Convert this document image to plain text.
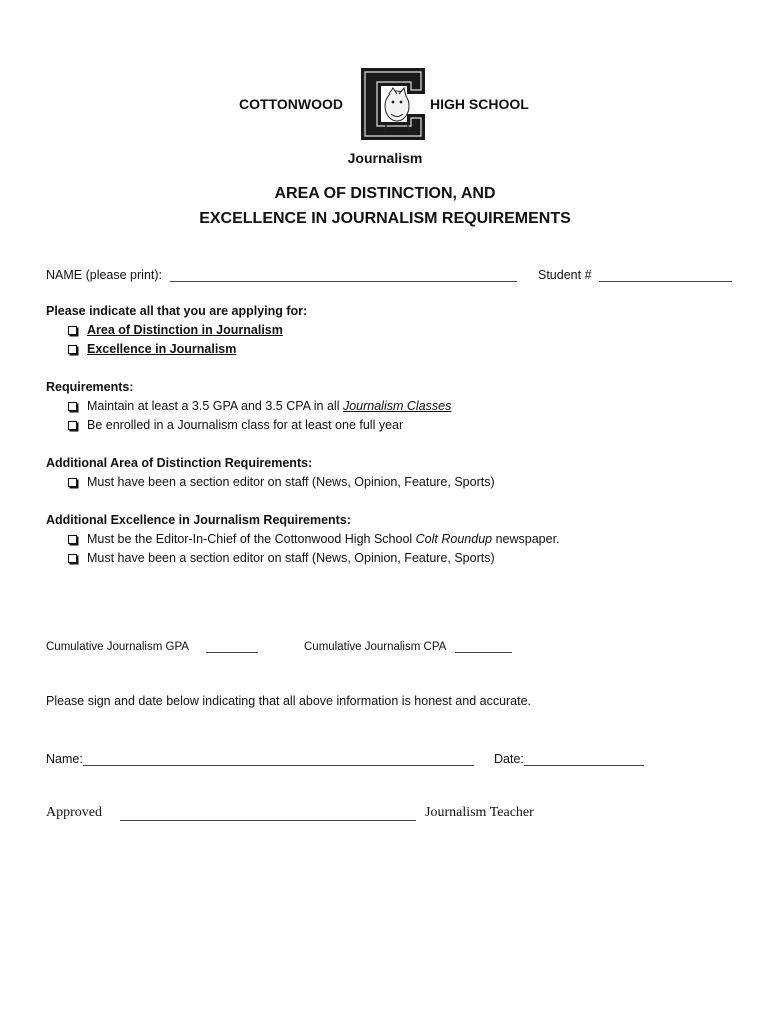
COTTONWOOD	HIGH SCHOOL
Journalism
AREA OF DISTINCTION, AND
EXCELLENCE IN JOURNALISM REQUIREMENTS
NAME (please print):	Student #
Please indicate all that you are applying for:
Area of Distinction in Journalism
Excellence in Journalism
Requirements:
Maintain at least a 3.5 GPA and 3.5 CPA in all Journalism Classes
Be enrolled in a Journalism class for at least one full year
Additional Area of Distinction Requirements:
Must have been a section editor on staff (News, Opinion, Feature, Sports)
Additional Excellence in Journalism Requirements:
Must be the Editor-In-Chief of the Cottonwood High School Colt Roundup newspaper.
Must have been a section editor on staff (News, Opinion, Feature, Sports)
Cumulative Journalism GPA	Cumulative Journalism CPA
Please sign and date below indicating that all above information is honest and accurate.
Name:	Date:
Approved	Journalism Teacher
